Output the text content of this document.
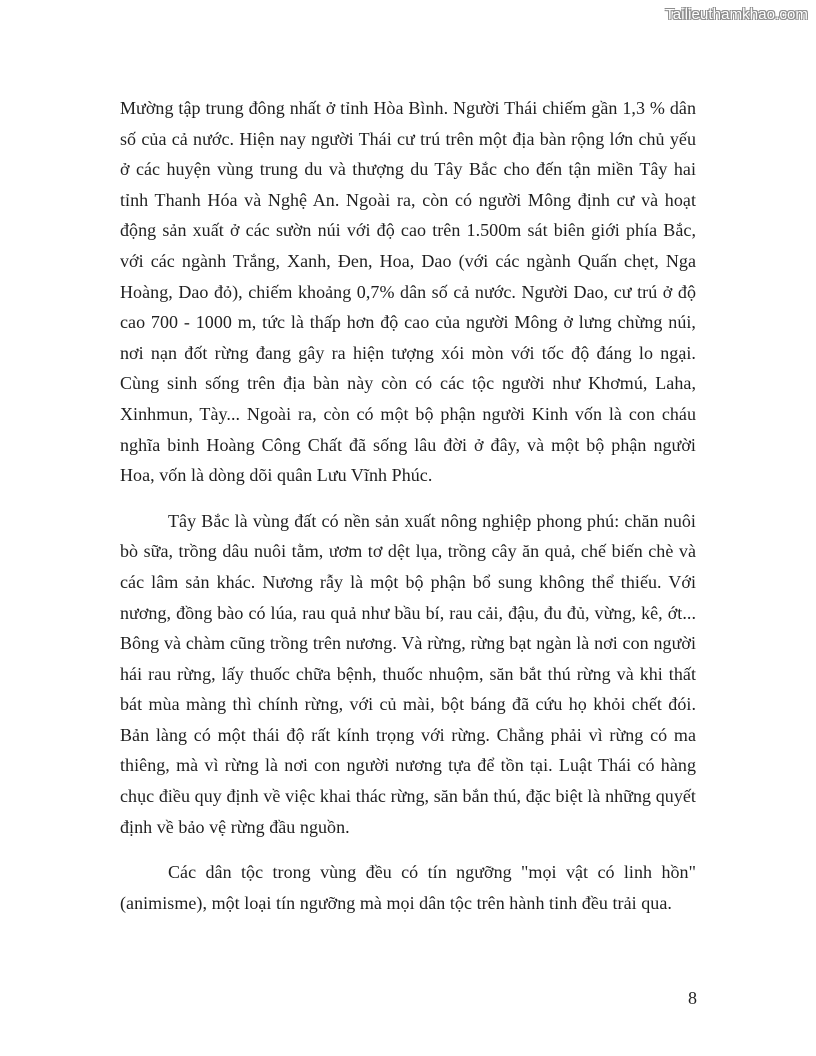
Tailieuthamkhao.com

Mường tập trung đông nhất ở tỉnh Hòa Bình. Người Thái chiếm gần 1,3 % dân số của cả nước. Hiện nay người Thái cư trú trên một địa bàn rộng lớn chủ yếu ở các huyện vùng trung du và thượng du Tây Bắc cho đến tận miền Tây hai tỉnh Thanh Hóa và Nghệ An. Ngoài ra, còn có người Mông định cư và hoạt động sản xuất ở các sườn núi với độ cao trên 1.500m sát biên giới phía Bắc, với các ngành Trắng, Xanh, Đen, Hoa, Dao (với các ngành Quấn chẹt, Nga Hoàng, Dao đỏ), chiếm khoảng 0,7% dân số cả nước. Người Dao, cư trú ở độ cao 700 - 1000 m, tức là thấp hơn độ cao của người Mông ở lưng chừng núi, nơi nạn đốt rừng đang gây ra hiện tượng xói mòn với tốc độ đáng lo ngại. Cùng sinh sống trên địa bàn này còn có các tộc người như Khơmú, Laha, Xinhmun, Tày... Ngoài ra, còn có một bộ phận người Kinh vốn là con cháu nghĩa binh Hoàng Công Chất đã sống lâu đời ở đây, và một bộ phận người Hoa, vốn là dòng dõi quân Lưu Vĩnh Phúc.

Tây Bắc là vùng đất có nền sản xuất nông nghiệp phong phú: chăn nuôi bò sữa, trồng dâu nuôi tằm, ươm tơ dệt lụa, trồng cây ăn quả, chế biến chè và các lâm sản khác. Nương rẫy là một bộ phận bổ sung không thể thiếu. Với nương, đồng bào có lúa, rau quả như bầu bí, rau cải, đậu, đu đủ, vừng, kê, ớt... Bông và chàm cũng trồng trên nương. Và rừng, rừng bạt ngàn là nơi con người hái rau rừng, lấy thuốc chữa bệnh, thuốc nhuộm, săn bắt thú rừng và khi thất bát mùa màng thì chính rừng, với củ mài, bột báng đã cứu họ khỏi chết đói. Bản làng có một thái độ rất kính trọng với rừng. Chẳng phải vì rừng có ma thiêng, mà vì rừng là nơi con người nương tựa để tồn tại. Luật Thái có hàng chục điều quy định về việc khai thác rừng, săn bắn thú, đặc biệt là những quyết định về bảo vệ rừng đầu nguồn.

Các dân tộc trong vùng đều có tín ngưỡng "mọi vật có linh hồn" (animisme), một loại tín ngưỡng mà mọi dân tộc trên hành tinh đều trải qua.

8
